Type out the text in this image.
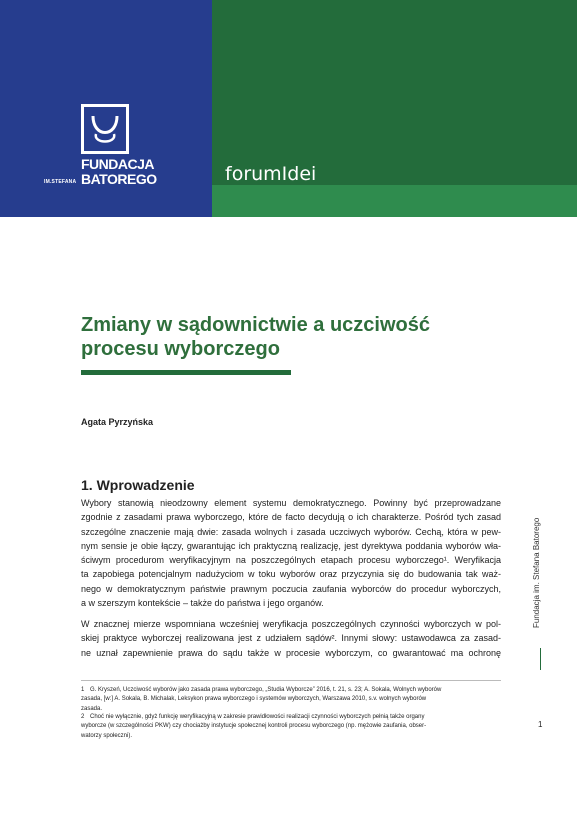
FUNDACJA
IM.STEFANA BATOREGO	forumIdei
Zmiany w sądownictwie a uczciwość
procesu wyborczego
Agata Pyrzyńska
1. Wprowadzenie
Wybory stanowią nieodzowny element systemu demokratycznego. Powinny być przeprowadzane
zgodnie z zasadami prawa wyborczego, które de facto decydują o ich charakterze. Pośród tych zasad
szczególne znaczenie mają dwie: zasada wolnych i zasada uczciwych wyborów. Cechą, która w pew-
nym sensie je obie łączy, gwarantując ich praktyczną realizację, jest dyrektywa poddania wyborów wła-
ściwym procedurom weryfikacyjnym na poszczególnych etapach procesu wyborczego¹. Weryfikacja
ta zapobiega potencjalnym nadużyciom w toku wyborów oraz przyczynia się do budowania tak waż-
nego w demokratycznym państwie prawnym poczucia zaufania wyborców do procedur wyborczych,
a w szerszym kontekście – także do państwa i jego organów.
W znacznej mierze wspomniana wcześniej weryfikacja poszczególnych czynności wyborczych w pol-
skiej praktyce wyborczej realizowana jest z udziałem sądów². Innymi słowy: ustawodawca za zasad-
ne uznał zapewnienie prawa do sądu także w procesie wyborczym, co gwarantować ma ochronę
1 G. Kryszeń, Uczciwość wyborów jako zasada prawa wyborczego, „Studia Wyborcze” 2016, t. 21, s. 23; A. Sokala, Wolnych wyborów
zasada, [w:] A. Sokala, B. Michalak, Leksykon prawa wyborczego i systemów wyborczych, Warszawa 2010, s.v. wolnych wyborów
zasada.
2 Choć nie wyłącznie, gdyż funkcję weryfikacyjną w zakresie prawidłowości realizacji czynności wyborczych pełnią także organy
wyborcze (w szczególności PKW) czy chociażby instytucje społecznej kontroli procesu wyborczego (np. mężowie zaufania, obser-
watorzy społeczni).
Fundacja im. Stefana Batorego
1
